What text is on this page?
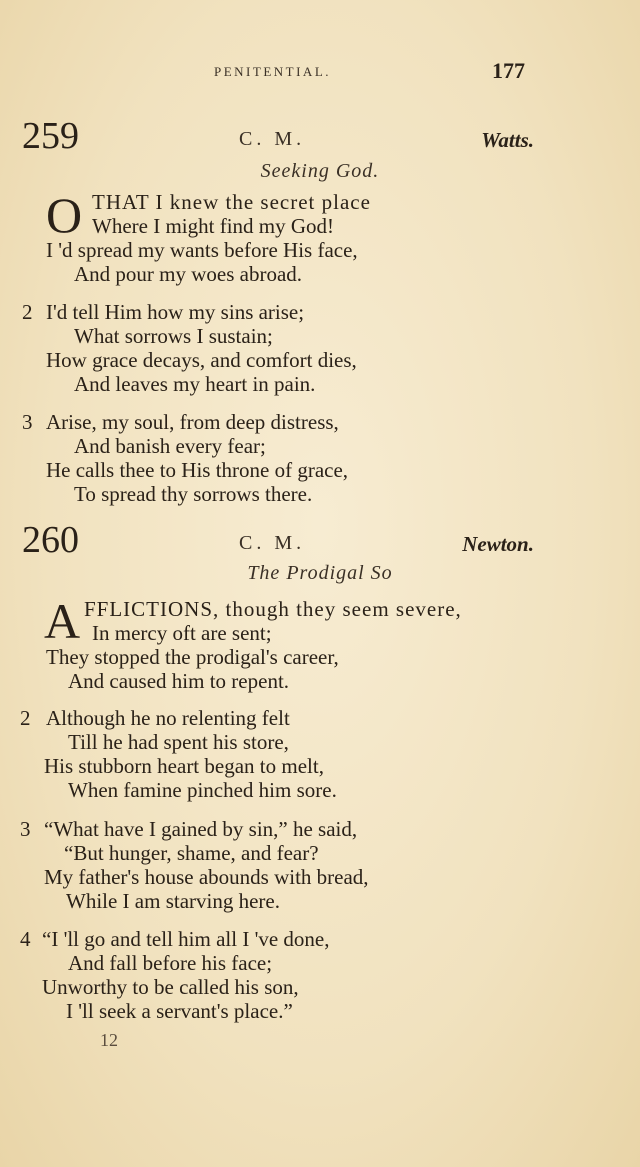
PENITENTIAL.	177
259	C. M.	Watts.
Seeking God.
O THAT I knew the secret place
Where I might find my God!
I 'd spread my wants before His face,
And pour my woes abroad.
2 I'd tell Him how my sins arise;
What sorrows I sustain;
How grace decays, and comfort dies,
And leaves my heart in pain.
3 Arise, my soul, from deep distress,
And banish every fear;
He calls thee to His throne of grace,
To spread thy sorrows there.
260	C. M.	Newton.
The Prodigal So
A FFLICTIONS, though they seem severe,
In mercy oft are sent;
They stopped the prodigal's career,
And caused him to repent.
2 Although he no relenting felt
Till he had spent his store,
His stubborn heart began to melt,
When famine pinched him sore.
3 “What have I gained by sin,” he said,
“But hunger, shame, and fear?
My father's house abounds with bread,
While I am starving here.
4 “I 'll go and tell him all I 've done,
And fall before his face;
Unworthy to be called his son,
I 'll seek a servant's place.”
12
